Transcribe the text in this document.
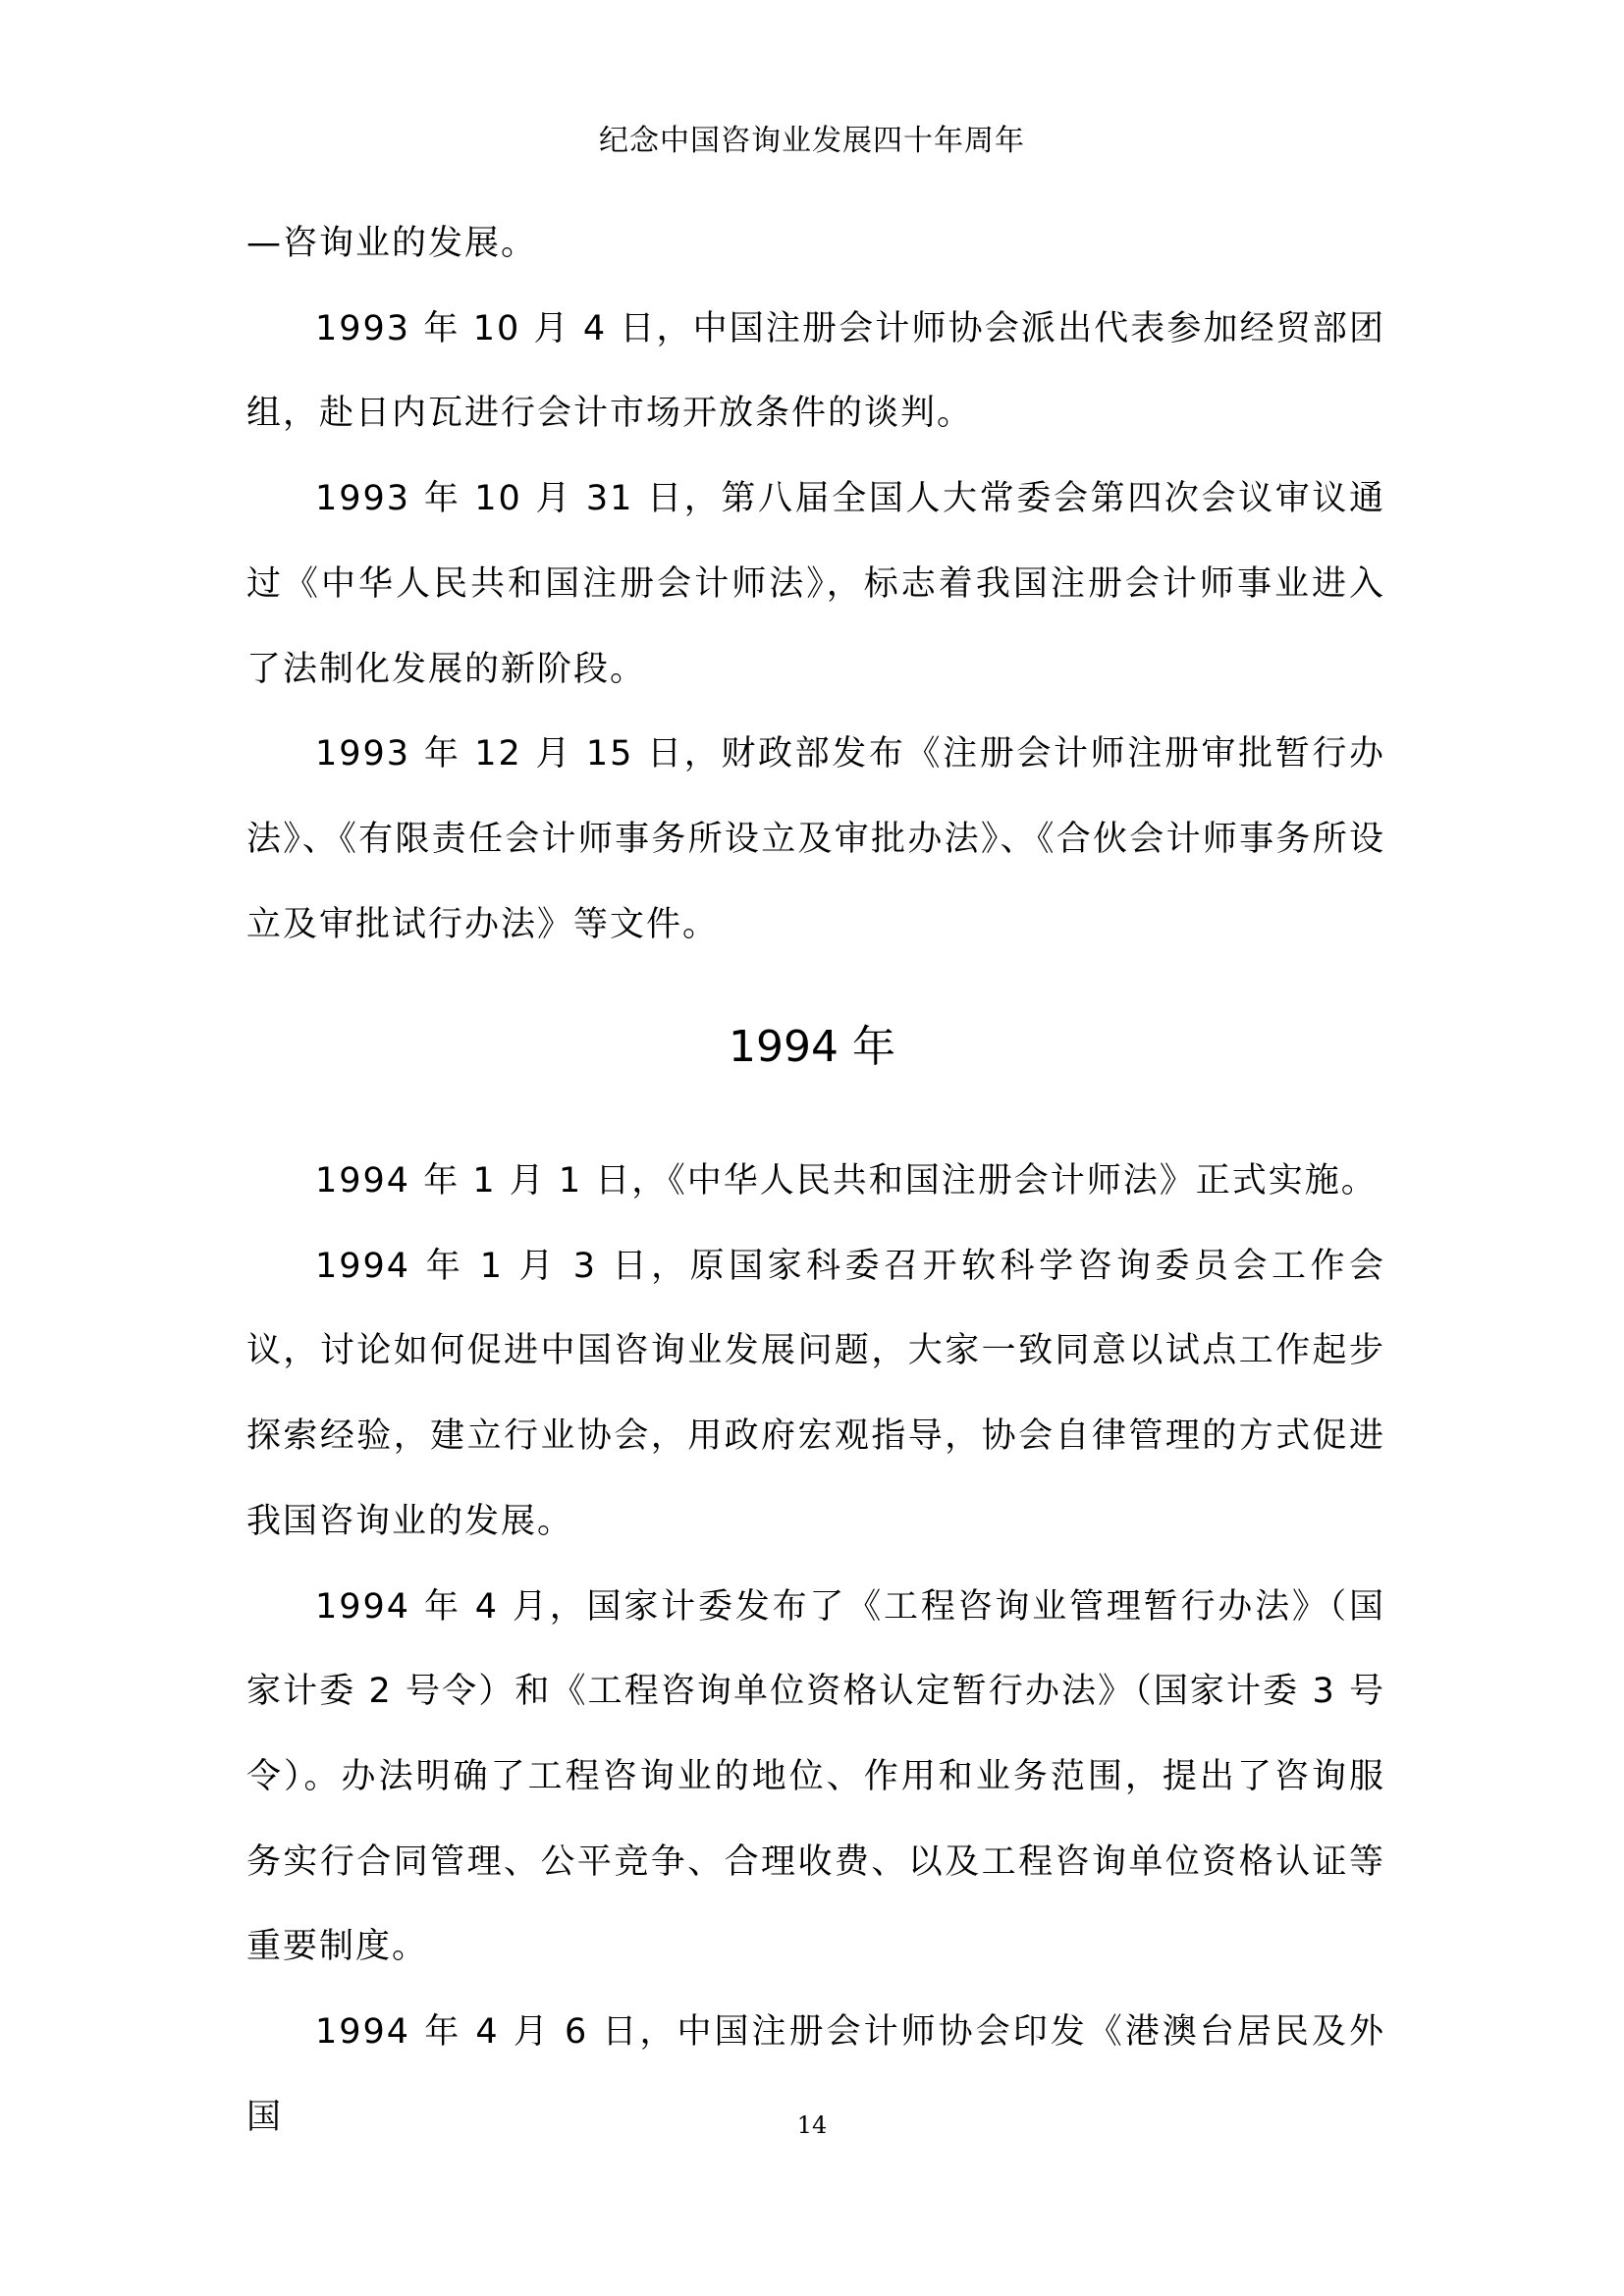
纪念中国咨询业发展四十年周年

—咨询业的发展。

1993 年 10 月 4 日，中国注册会计师协会派出代表参加经贸部团组，赴日内瓦进行会计市场开放条件的谈判。

1993 年 10 月 31 日，第八届全国人大常委会第四次会议审议通过《中华人民共和国注册会计师法》，标志着我国注册会计师事业进入了法制化发展的新阶段。

1993 年 12 月 15 日，财政部发布《注册会计师注册审批暂行办法》、《有限责任会计师事务所设立及审批办法》、《合伙会计师事务所设立及审批试行办法》等文件。

1994 年

1994 年 1 月 1 日，《中华人民共和国注册会计师法》正式实施。

1994 年 1 月 3 日，原国家科委召开软科学咨询委员会工作会议，讨论如何促进中国咨询业发展问题，大家一致同意以试点工作起步探索经验，建立行业协会，用政府宏观指导，协会自律管理的方式促进我国咨询业的发展。

1994 年 4 月，国家计委发布了《工程咨询业管理暂行办法》（国家计委 2 号令）和《工程咨询单位资格认定暂行办法》（国家计委 3 号令）。办法明确了工程咨询业的地位、作用和业务范围，提出了咨询服务实行合同管理、公平竞争、合理收费、以及工程咨询单位资格认证等重要制度。

1994 年 4 月 6 日，中国注册会计师协会印发《港澳台居民及外国	14
